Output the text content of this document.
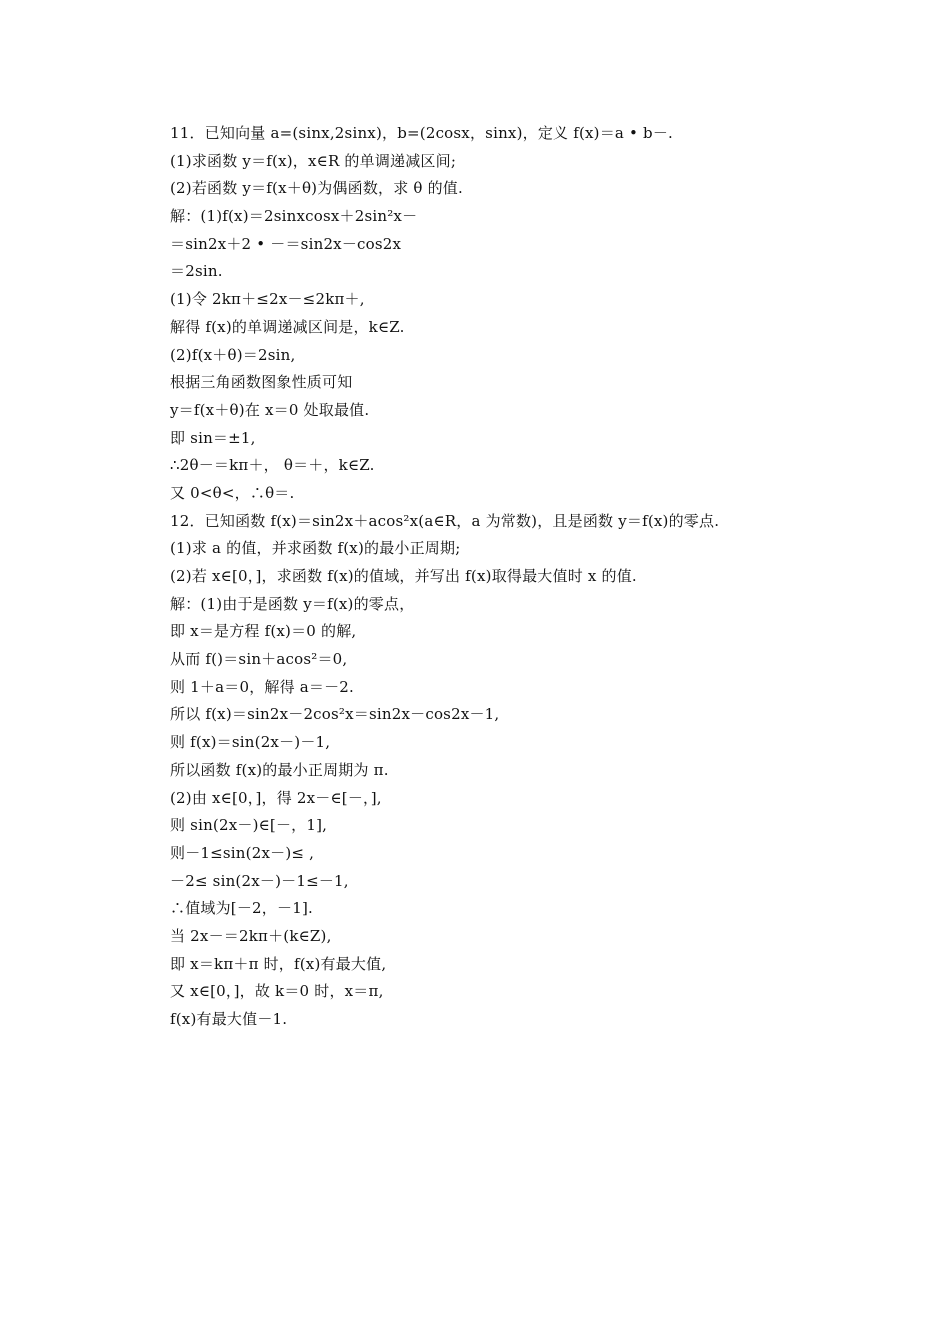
11．已知向量 a=(sinx,2sinx)，b=(2cosx，sinx)，定义 f(x)＝a • b－.
(1)求函数 y＝f(x)，x∈R 的单调递减区间;
(2)若函数 y＝f(x＋θ)为偶函数，求 θ 的值.
解：(1)f(x)＝2sinxcosx＋2sin²x－
＝sin2x＋2 • －＝sin2x－cos2x
＝2sin.
(1)令 2kπ＋≤2x－≤2kπ＋,
解得 f(x)的单调递减区间是，k∈Z.
(2)f(x＋θ)＝2sin,
根据三角函数图象性质可知
y＝f(x＋θ)在 x＝0 处取最值.
即 sin＝±1,
∴2θ－＝kπ＋， θ＝＋，k∈Z.
又 0<θ<，∴θ＝.
12．已知函数 f(x)＝sin2x＋acos²x(a∈R，a 为常数)，且是函数 y＝f(x)的零点.
(1)求 a 的值，并求函数 f(x)的最小正周期;
(2)若 x∈[0，]，求函数 f(x)的值域，并写出 f(x)取得最大值时 x 的值.
解：(1)由于是函数 y＝f(x)的零点，
即 x＝是方程 f(x)＝0 的解,
从而 f()＝sin＋acos²＝0,
则 1＋a＝0，解得 a＝－2.
所以 f(x)＝sin2x－2cos²x＝sin2x－cos2x－1,
则 f(x)＝sin(2x－)－1,
所以函数 f(x)的最小正周期为 π.
(2)由 x∈[0，]，得 2x－∈[－，],
则 sin(2x－)∈[－，1],
则－1≤sin(2x－)≤ ,
－2≤ sin(2x－)－1≤－1,
∴值域为[－2，－1].
当 2x－＝2kπ＋(k∈Z),
即 x＝kπ＋π 时，f(x)有最大值,
又 x∈[0，]，故 k＝0 时，x＝π,
f(x)有最大值－1.
